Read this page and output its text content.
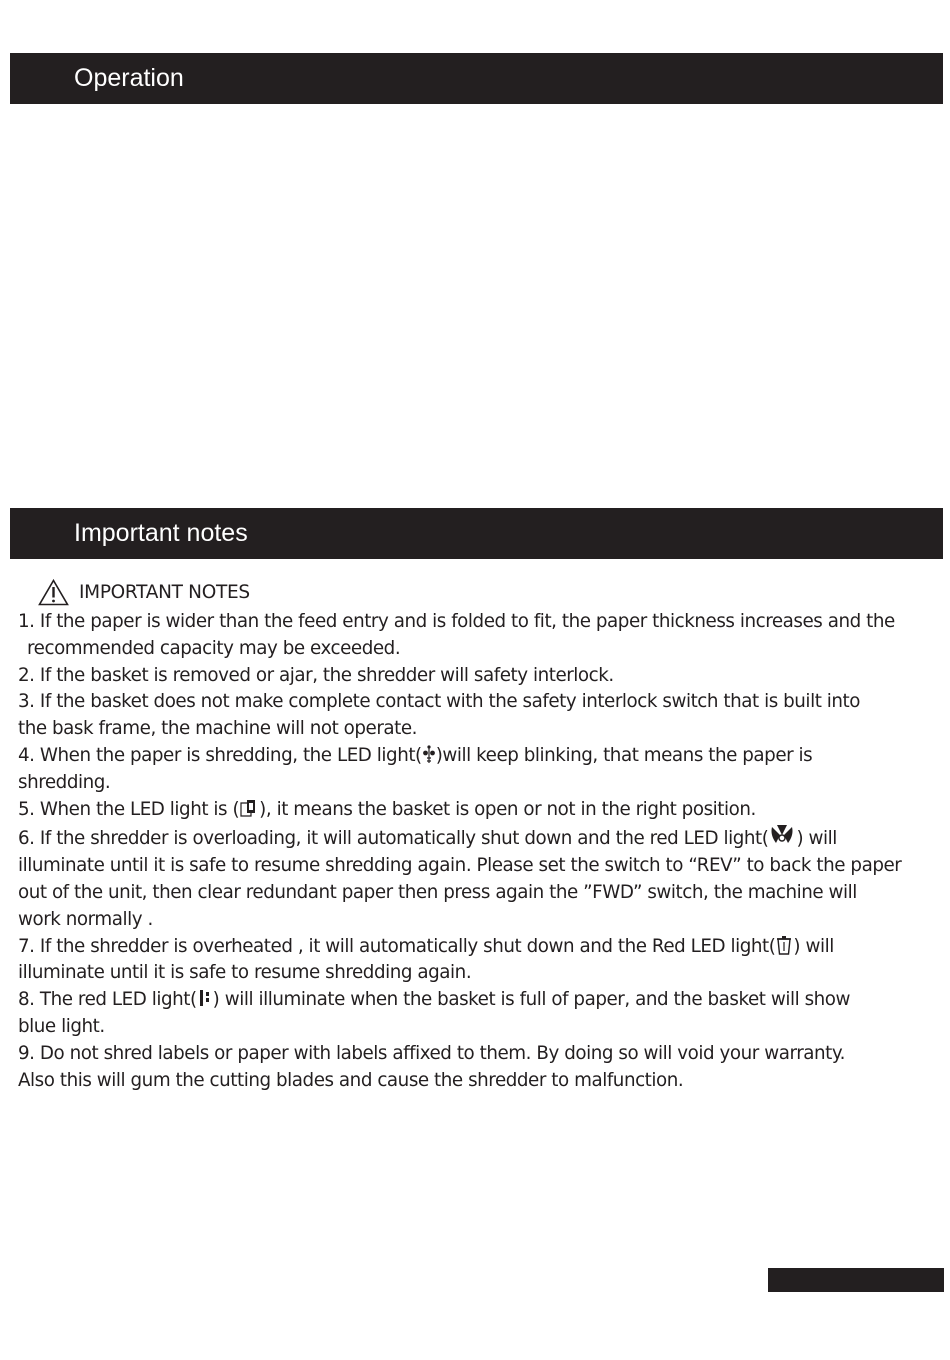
Operation
Important notes
IMPORTANT NOTES

1. If the paper is wider than the feed entry and is folded to fit, the paper thickness increases and the

recommended capacity may be exceeded.

2. If the basket is removed or ajar, the shredder will safety interlock.

3. If the basket does not make complete contact with the safety interlock switch that is built into

the bask frame, the machine will not operate.

4. When the paper is shredding, the LED light( )will keep blinking, that means the paper is

shredding.

5. When the LED light is ( ), it means the basket is open or not in the right position.

6. If the shredder is overloading, it will automatically shut down and the red LED light( ) will

illuminate until it is safe to resume shredding again. Please set the switch to “REV” to back the paper

out of the unit, then clear redundant paper then press again the ”FWD” switch, the machine will

work normally .

7. If the shredder is overheated , it will automatically shut down and the Red LED light( ) will

illuminate until it is safe to resume shredding again.

8. The red LED light( ) will illuminate when the basket is full of paper, and the basket will show

blue light.

9. Do not shred labels or paper with labels affixed to them. By doing so will void your warranty.

Also this will gum the cutting blades and cause the shredder to malfunction.
